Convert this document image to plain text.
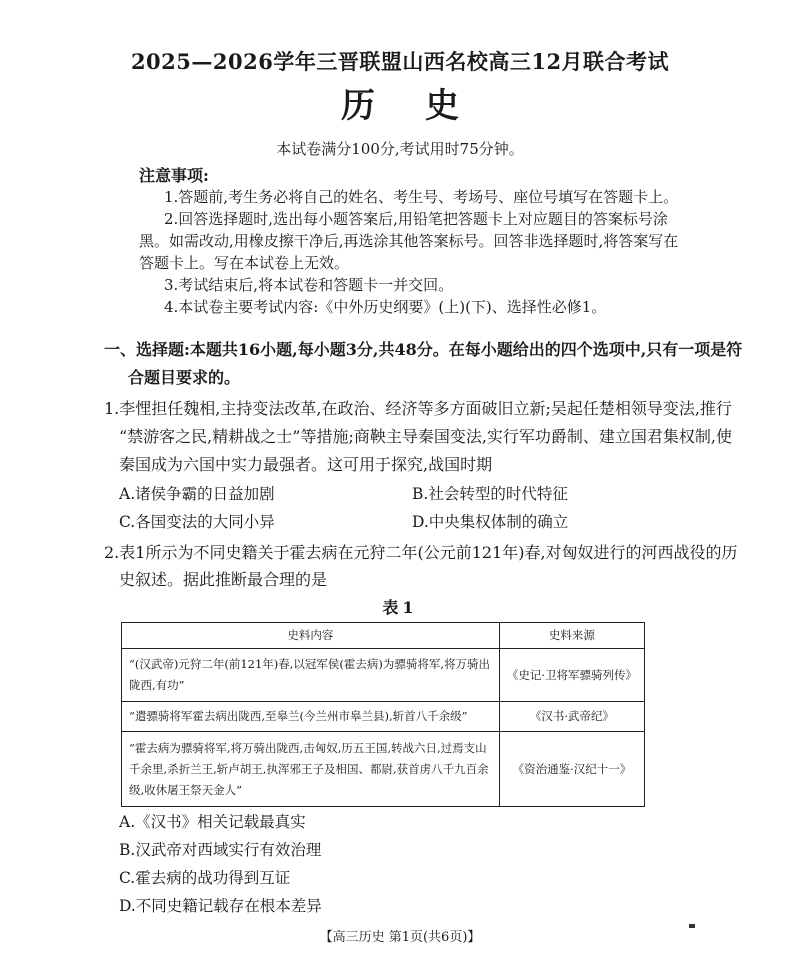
2025—2026学年三晋联盟山西名校高三12月联合考试
历史
本试卷满分100分,考试用时75分钟。
注意事项:
1.答题前,考生务必将自己的姓名、考生号、考场号、座位号填写在答题卡上。
2.回答选择题时,选出每小题答案后,用铅笔把答题卡上对应题目的答案标号涂
黑。如需改动,用橡皮擦干净后,再选涂其他答案标号。回答非选择题时,将答案写在
答题卡上。写在本试卷上无效。
3.考试结束后,将本试卷和答题卡一并交回。
4.本试卷主要考试内容:《中外历史纲要》(上)(下)、选择性必修1。
一、选择题:本题共16小题,每小题3分,共48分。在每小题给出的四个选项中,只有一项是符
合题目要求的。
1.李悝担任魏相,主持变法改革,在政治、经济等多方面破旧立新;吴起任楚相领导变法,推行
“禁游客之民,精耕战之士”等措施;商鞅主导秦国变法,实行军功爵制、建立国君集权制,使
秦国成为六国中实力最强者。这可用于探究,战国时期
A.诸侯争霸的日益加剧	B.社会转型的时代特征
C.各国变法的大同小异	D.中央集权体制的确立
2.表1所示为不同史籍关于霍去病在元狩二年(公元前121年)春,对匈奴进行的河西战役的历
史叙述。据此推断最合理的是
表1
史料内容	史料来源
“(汉武帝)元狩二年(前121年)春,以冠军侯(霍去病)为骠骑将军,将万骑出陇西,有功”	《史记·卫将军骠骑列传》
“遣骠骑将军霍去病出陇西,至皋兰(今兰州市皋兰县),斩首八千余级”	《汉书·武帝纪》
“霍去病为骠骑将军,将万骑出陇西,击匈奴,历五王国,转战六日,过焉支山千余里,杀折兰王,斩卢胡王,执浑邪王子及相国、都尉,获首虏八千九百余级,收休屠王祭天金人”	《资治通鉴·汉纪十一》
A.《汉书》相关记载最真实
B.汉武帝对西域实行有效治理
C.霍去病的战功得到互证
D.不同史籍记载存在根本差异
【高三历史 第1页(共6页)】
